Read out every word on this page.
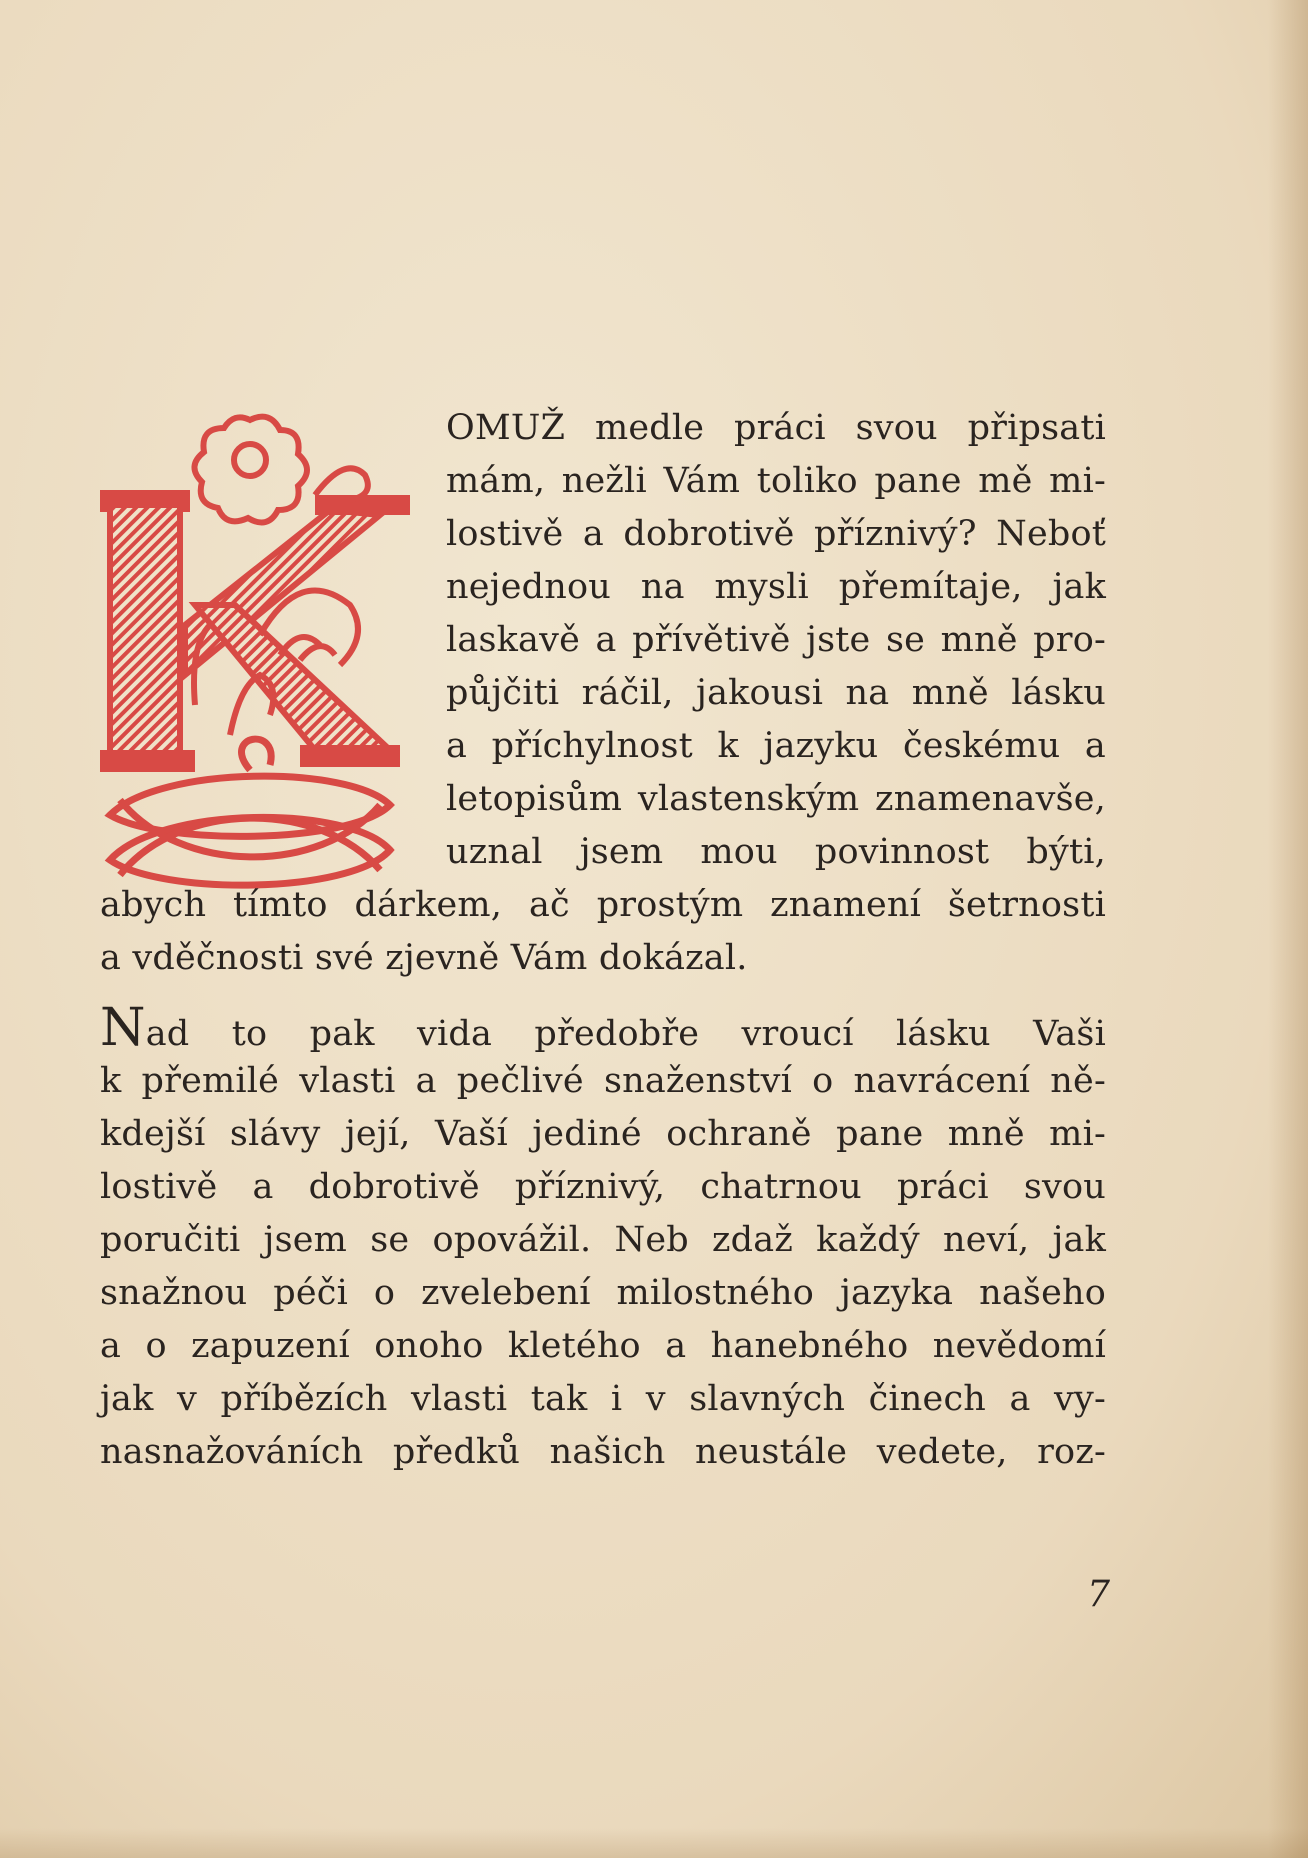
OMUŽ medle práci svou připsati
mám, nežli Vám toliko pane mě mi-
lostivě a dobrotivě příznivý? Neboť
nejednou na mysli přemítaje, jak
laskavě a přívětivě jste se mně pro-
půjčiti ráčil, jakousi na mně lásku
a příchylnost k jazyku českému a
letopisům vlastenským znamenavše,
uznal jsem mou povinnost býti,
abych tímto dárkem, ač prostým znamení šetrnosti
a vděčnosti své zjevně Vám dokázal.
Nad to pak vida předobře vroucí lásku Vaši
k přemilé vlasti a pečlivé snaženství o navrácení ně-
kdejší slávy její, Vaší jediné ochraně pane mně mi-
lostivě a dobrotivě příznivý, chatrnou práci svou
poručiti jsem se opovážil. Neb zdaž každý neví, jak
snažnou péči o zvelebení milostného jazyka našeho
a o zapuzení onoho kletého a hanebného nevědomí
jak v příbězích vlasti tak i v slavných činech a vy-
nasnažováních předků našich neustále vedete, roz-
7
